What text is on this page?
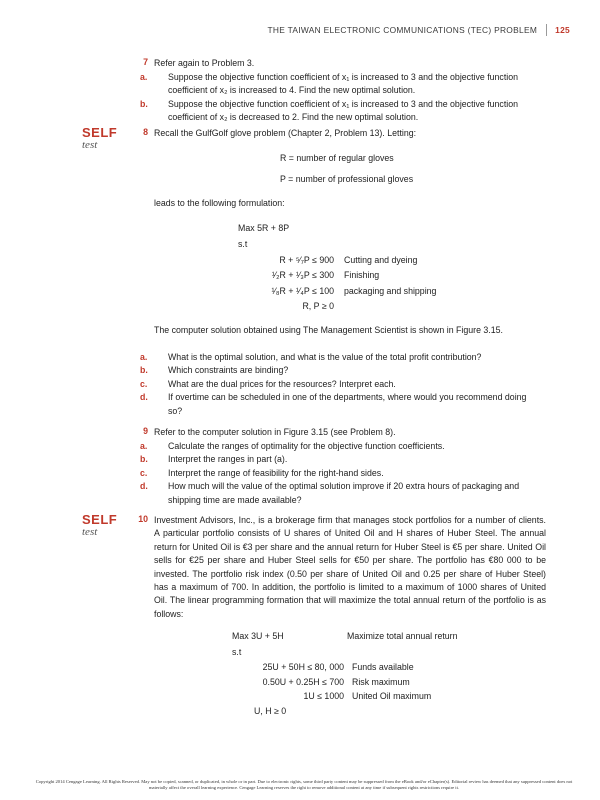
THE TAIWAN ELECTRONIC COMMUNICATIONS (TEC) PROBLEM 125
7 Refer again to Problem 3.
a. Suppose the objective function coefficient of x₁ is increased to 3 and the objective function coefficient of x₂ is increased to 4. Find the new optimal solution.
b. Suppose the objective function coefficient of x₁ is increased to 3 and the objective function coefficient of x₂ is decreased to 2. Find the new optimal solution.
SELF
test
8 Recall the GulfGolf glove problem (Chapter 2, Problem 13). Letting:
R = number of regular gloves
P = number of professional gloves
leads to the following formulation:
Max 5R + 8P
s.t
R + ⁵⁄₇P ≤ 900 Cutting and dyeing
¹⁄₂R + ¹⁄₃P ≤ 300 Finishing
¹⁄₈R + ¹⁄₄P ≤ 100 packaging and shipping
R, P ≥ 0
The computer solution obtained using The Management Scientist is shown in Figure 3.15.
a. What is the optimal solution, and what is the value of the total profit contribution?
b. Which constraints are binding?
c. What are the dual prices for the resources? Interpret each.
d. If overtime can be scheduled in one of the departments, where would you recommend doing so?
9 Refer to the computer solution in Figure 3.15 (see Problem 8).
a. Calculate the ranges of optimality for the objective function coefficients.
b. Interpret the ranges in part (a).
c. Interpret the range of feasibility for the right-hand sides.
d. How much will the value of the optimal solution improve if 20 extra hours of packaging and shipping time are made available?
SELF
test
10 Investment Advisors, Inc., is a brokerage firm that manages stock portfolios for a number of clients. A particular portfolio consists of U shares of United Oil and H shares of Huber Steel. The annual return for United Oil is €3 per share and the annual return for Huber Steel is €5 per share. United Oil sells for €25 per share and Huber Steel sells for €50 per share. The portfolio has €80 000 to be invested. The portfolio risk index (0.50 per share of United Oil and 0.25 per share of Huber Steel) has a maximum of 700. In addition, the portfolio is limited to a maximum of 1000 shares of United Oil. The linear programming formation that will maximize the total annual return of the portfolio is as follows:
Max 3U + 5H	Maximize total annual return
s.t
25U + 50H ≤ 80, 000 Funds available
0.50U + 0.25H ≤ 700 Risk maximum
1U ≤ 1000 United Oil maximum
U, H ≥ 0
Copyright 2014 Cengage Learning. All Rights Reserved. May not be copied, scanned, or duplicated, in whole or in part. Due to electronic rights, some third party content may be suppressed from the eBook and/or eChapter(s). Editorial review has deemed that any suppressed content does not materially affect the overall learning experience. Cengage Learning reserves the right to remove additional content at any time if subsequent rights restrictions require it.
